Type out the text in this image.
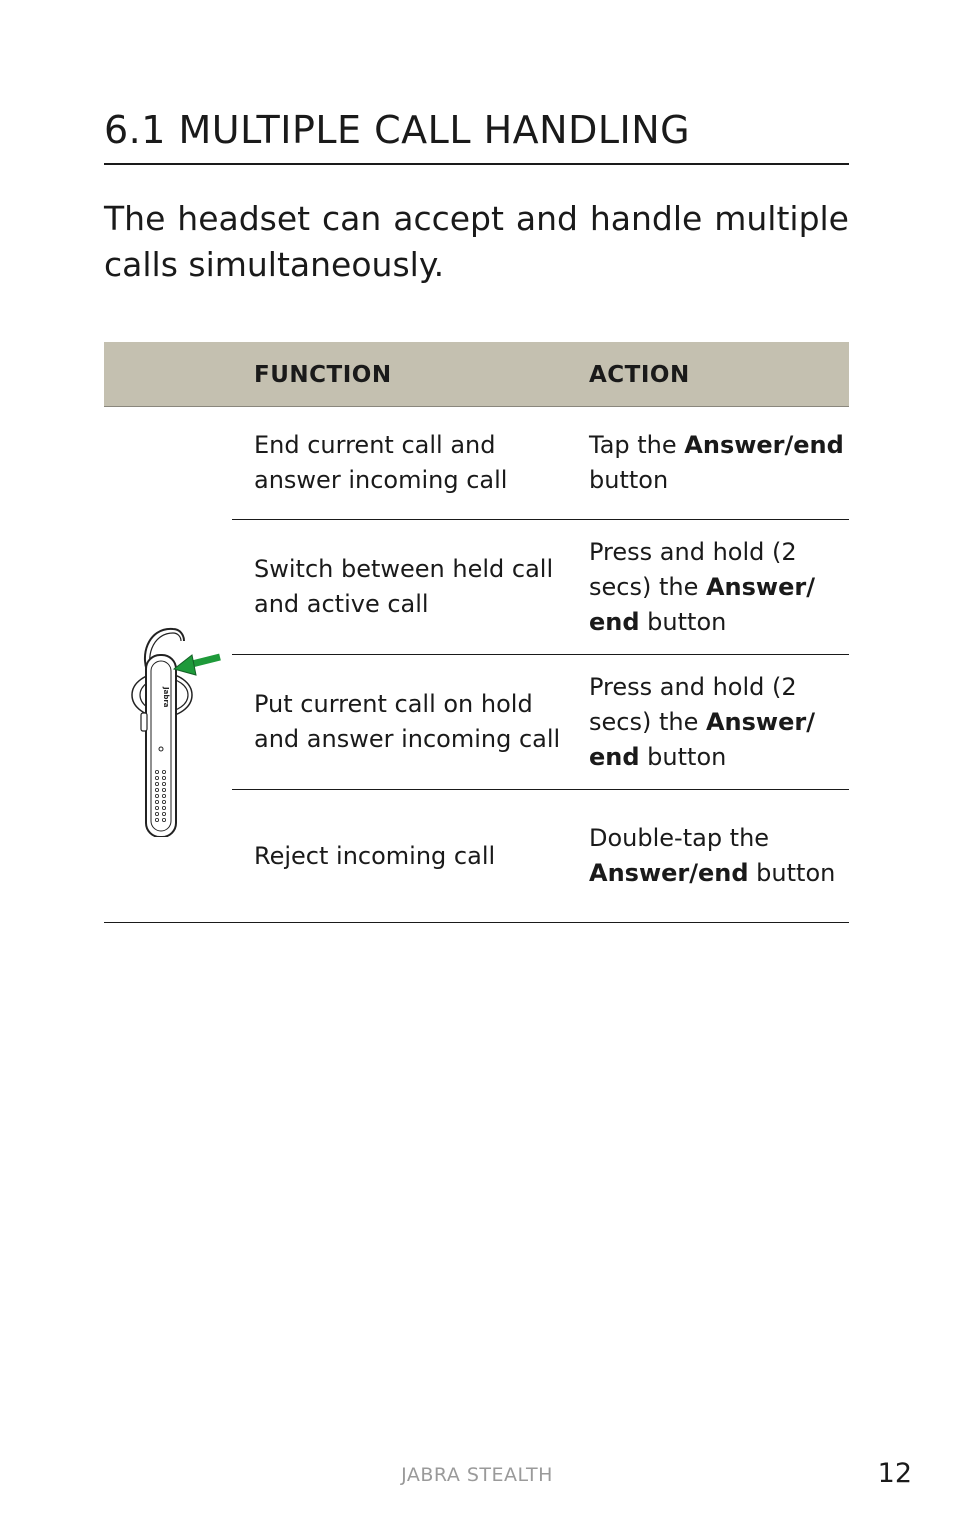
6.1 MULTIPLE CALL HANDLING

The headset can accept and handle multiple calls simultaneously.

FUNCTION	ACTION
Jabra
End current call and answer incoming call
Tap the Answer/end button
Switch between held call and active call
Press and hold (2 secs) the Answer/ end button
Put current call on hold and answer incoming call
Press and hold (2 secs) the Answer/ end button
Reject incoming call
Double-tap the Answer/end button
JABRA STEALTH	12
